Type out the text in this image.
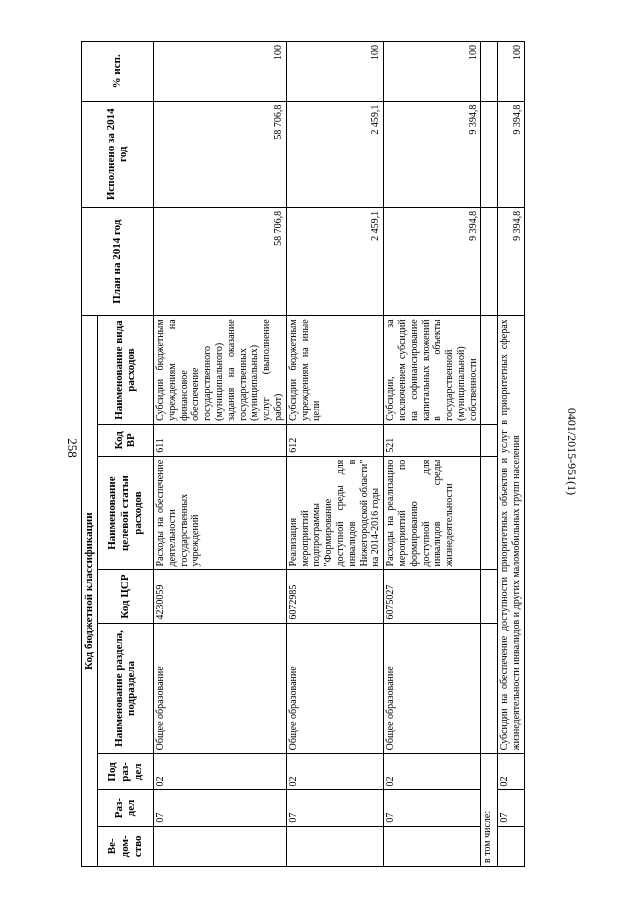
258	0401/2015-951(1)
Код бюджетной классификации								План на 2014 год	Исполнено за 2014 год	% исп.
Ве-дом-ство	Раз-дел	Под раз-дел	Наименование раздела, подраздела	Код ЦСР	Наименование целевой статьи расходов	Код ВР	Наименование вида расходов			
	07	02	Общее образование	4230059	Расходы на обеспечение деятельности государственных учреждений	611	Субсидии бюджетным учреждениям на финансовое обеспечение государственного (муниципального) задания на оказание государственных (муниципальных) услуг (выполнение работ)	58 706,8	58 706,8	100
	07	02	Общее образование	6072985	Реализация мероприятий подпрограммы "Формирование доступной среды для инвалидов в Нижегородской области" на 2014-2016 годы	612	Субсидии бюджетным учреждениям на иные цели	2 459,1	2 459,1	100
	07	02	Общее образование	6075027	Расходы на реализацию мероприятий по формированию доступной для инвалидов среды жизнедеятельности	521	Субсидии, за исключением субсидий на софинансирование капитальных вложений в объекты государственной (муниципальной) собственности	9 394,8	9 394,8	100
в том числе:										
	07	02	Субсидии на обеспечение доступности приоритетных объектов и услуг в приоритетных сферах жизнедеятельности инвалидов и других маломобильных групп населения					9 394,8	9 394,8	100
